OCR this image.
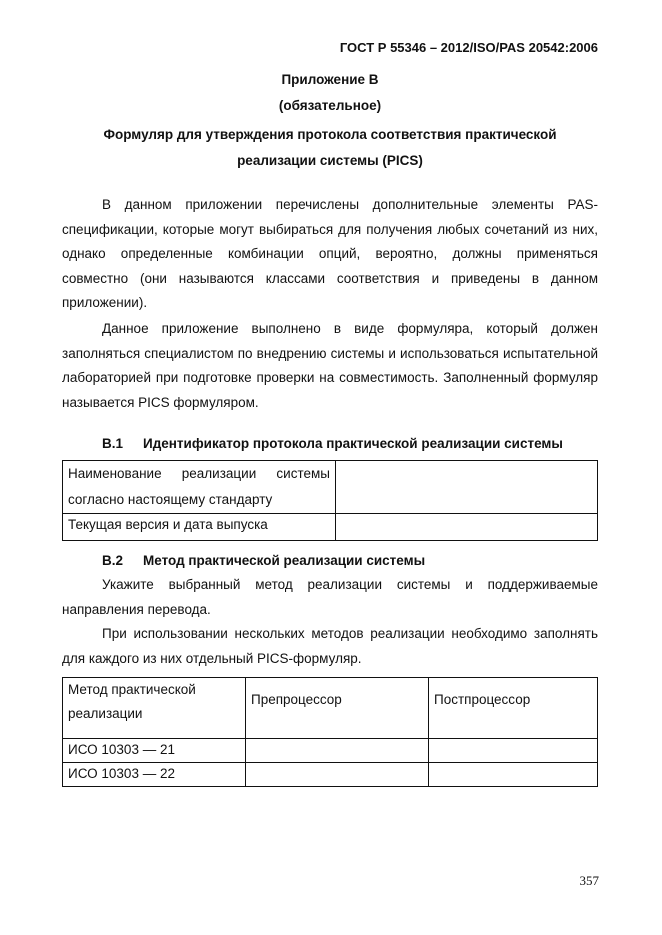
ГОСТ Р 55346 – 2012/ISO/PAS 20542:2006
Приложение В
(обязательное)
Формуляр для утверждения протокола соответствия практической
реализации системы (PICS)

В данном приложении перечислены дополнительные элементы PAS-спецификации, которые могут выбираться для получения любых сочетаний из них, однако определенные комбинации опций, вероятно, должны применяться совместно (они называются классами соответствия и приведены в данном приложении).

Данное приложение выполнено в виде формуляра, который должен заполняться специалистом по внедрению системы и использоваться испытательной лабораторией при подготовке проверки на совместимость. Заполненный формуляр называется PICS формуляром.

В.1 Идентификатор протокола практической реализации системы
Наименование реализации системы согласно настоящему стандарту	
Текущая версия и дата выпуска	
В.2 Метод практической реализации системы

Укажите выбранный метод реализации системы и поддерживаемые направления перевода.

При использовании нескольких методов реализации необходимо заполнять для каждого из них отдельный PICS-формуляр.

Метод практической реализации	Препроцессор	Постпроцессор
ИСО 10303 — 21		
ИСО 10303 — 22		
357
